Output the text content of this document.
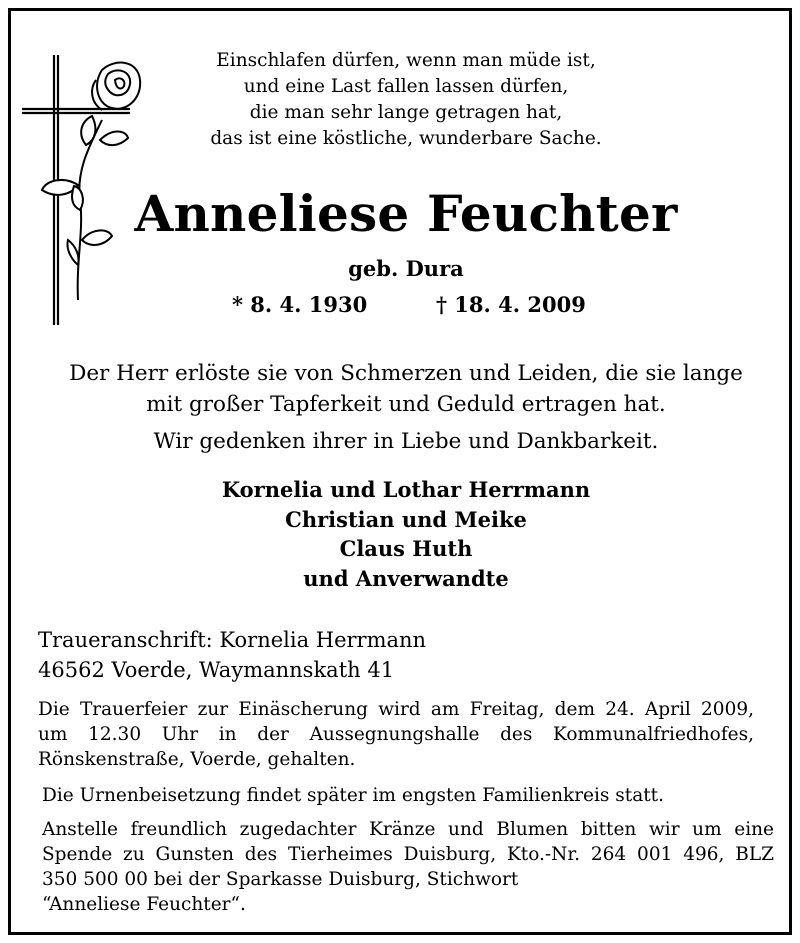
Einschlafen dürfen, wenn man müde ist,
und eine Last fallen lassen dürfen,
die man sehr lange getragen hat,
das ist eine köstliche, wunderbare Sache.
Anneliese Feuchter
geb. Dura
* 8. 4. 1930	† 18. 4. 2009
Der Herr erlöste sie von Schmerzen und Leiden, die sie lange
mit großer Tapferkeit und Geduld ertragen hat.
Wir gedenken ihrer in Liebe und Dankbarkeit.
Kornelia und Lothar Herrmann
Christian und Meike
Claus Huth
und Anverwandte
Traueranschrift: Kornelia Herrmann
46562 Voerde, Waymannskath 41
Die Trauerfeier zur Einäscherung wird am Freitag, dem 24. April 2009,
um 12.30 Uhr in der Aussegnungshalle des Kommunalfriedhofes,
Rönskenstraße, Voerde, gehalten.
Die Urnenbeisetzung findet später im engsten Familienkreis statt.
Anstelle freundlich zugedachter Kränze und Blumen bitten wir um eine
Spende zu Gunsten des Tierheimes Duisburg, Kto.-Nr. 264 001 496, BLZ
350 500 00 bei der Sparkasse Duisburg, Stichwort
“Anneliese Feuchter“.
